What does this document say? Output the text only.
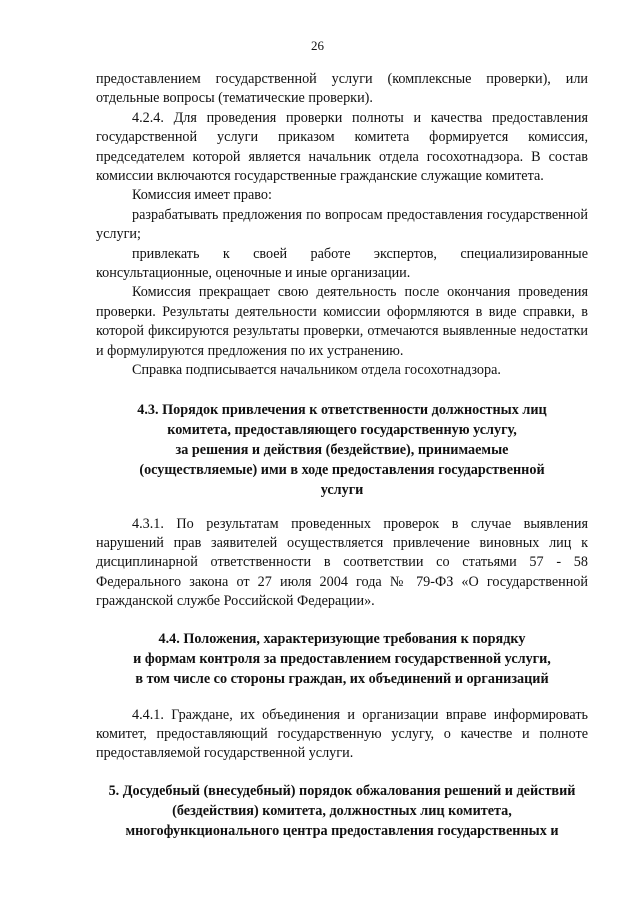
26

предоставлением государственной услуги (комплексные проверки), или отдельные вопросы (тематические проверки).

4.2.4. Для проведения проверки полноты и качества предоставления государственной услуги приказом комитета формируется комиссия, председателем которой является начальник отдела госохотнадзора. В состав комиссии включаются государственные гражданские служащие комитета.

Комиссия имеет право:

разрабатывать предложения по вопросам предоставления государственной услуги;

привлекать к своей работе экспертов, специализированные консультационные, оценочные и иные организации.

Комиссия прекращает свою деятельность после окончания проведения проверки. Результаты деятельности комиссии оформляются в виде справки, в которой фиксируются результаты проверки, отмечаются выявленные недостатки и формулируются предложения по их устранению.

Справка подписывается начальником отдела госохотнадзора.

4.3. Порядок привлечения к ответственности должностных лиц
комитета, предоставляющего государственную услугу,
за решения и действия (бездействие), принимаемые
(осуществляемые) ими в ходе предоставления государственной
услуги

4.3.1. По результатам проведенных проверок в случае выявления нарушений прав заявителей осуществляется привлечение виновных лиц к дисциплинарной ответственности в соответствии со статьями 57 - 58 Федерального закона от 27 июля 2004 года № 79-ФЗ «О государственной гражданской службе Российской Федерации».

4.4. Положения, характеризующие требования к порядку
и формам контроля за предоставлением государственной услуги,
в том числе со стороны граждан, их объединений и организаций

4.4.1. Граждане, их объединения и организации вправе информировать комитет, предоставляющий государственную услугу, о качестве и полноте предоставляемой государственной услуги.

5. Досудебный (внесудебный) порядок обжалования решений и действий
(бездействия) комитета, должностных лиц комитета,
многофункционального центра предоставления государственных и
